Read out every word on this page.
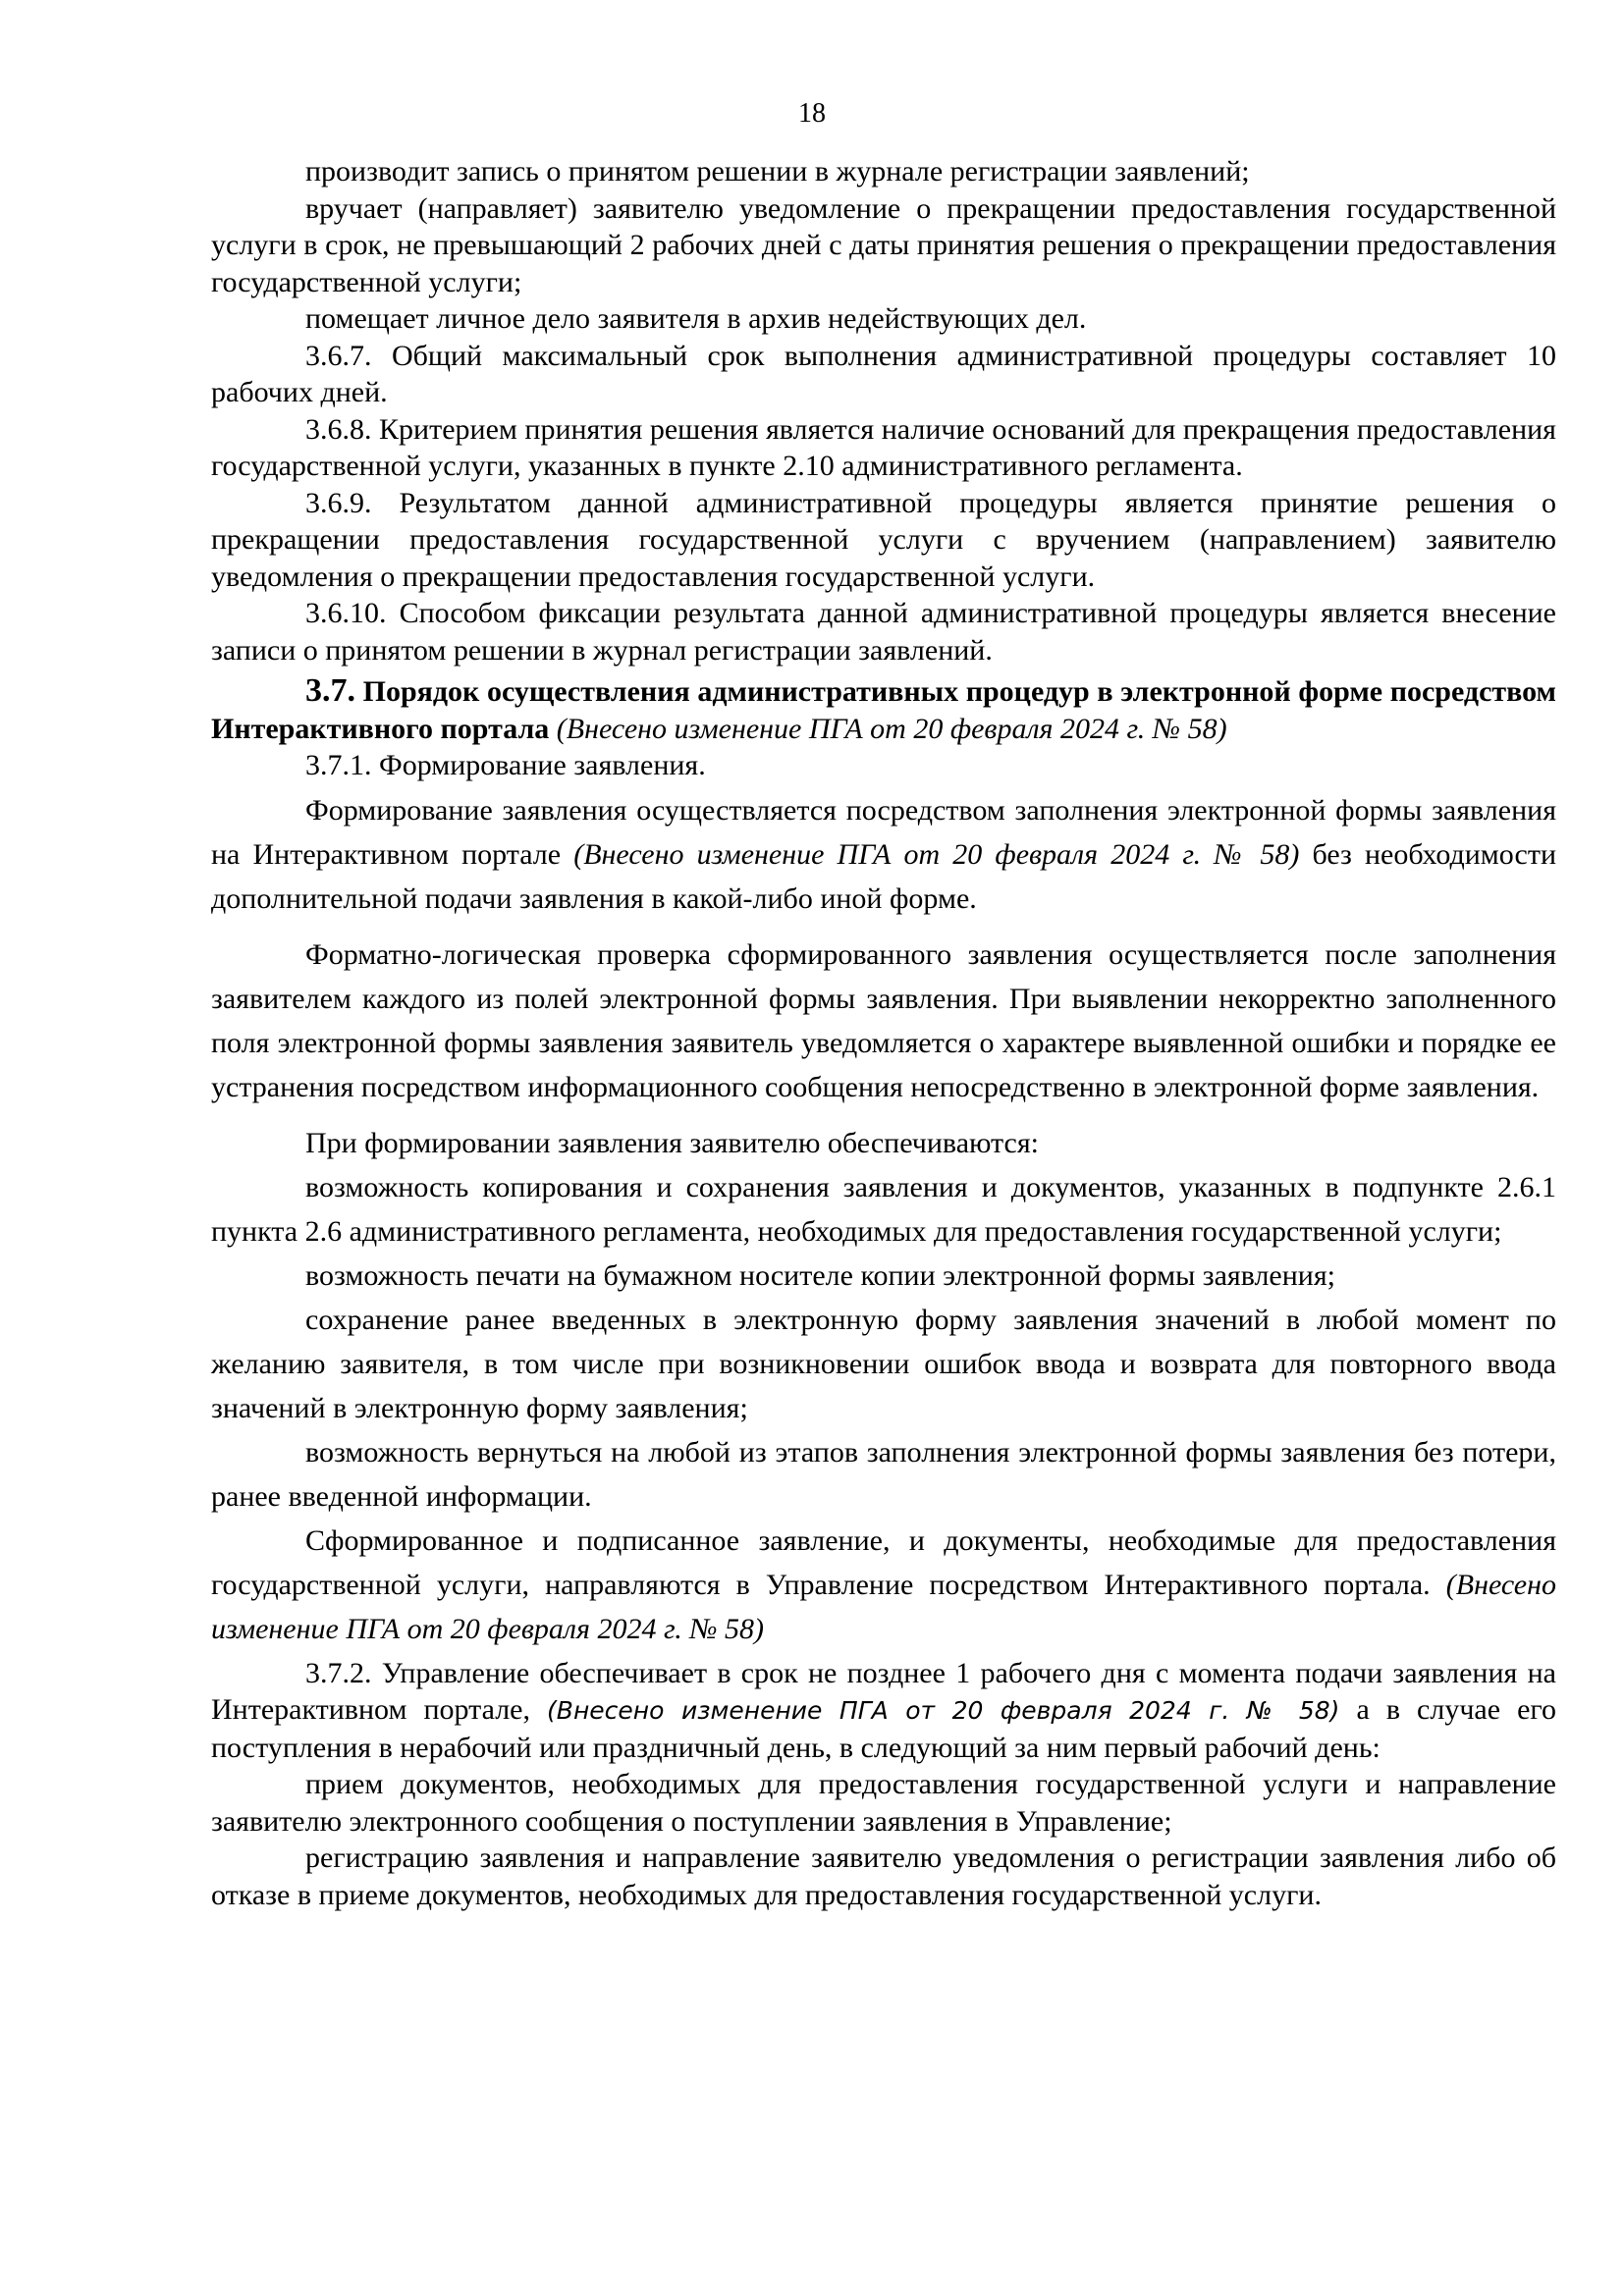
18

производит запись о принятом решении в журнале регистрации заявлений;

вручает (направляет) заявителю уведомление о прекращении предоставления государственной услуги в срок, не превышающий 2 рабочих дней с даты принятия решения о прекращении предоставления государственной услуги;

помещает личное дело заявителя в архив недействующих дел.

3.6.7. Общий максимальный срок выполнения административной процедуры составляет 10 рабочих дней.

3.6.8. Критерием принятия решения является наличие оснований для прекращения предоставления государственной услуги, указанных в пункте 2.10 административного регламента.

3.6.9. Результатом данной административной процедуры является принятие решения о прекращении предоставления государственной услуги с вручением (направлением) заявителю уведомления о прекращении предоставления государственной услуги.

3.6.10. Способом фиксации результата данной административной процедуры является внесение записи о принятом решении в журнал регистрации заявлений.

3.7. Порядок осуществления административных процедур в электронной форме посредством Интерактивного портала (Внесено изменение ПГА от 20 февраля 2024 г. № 58)

3.7.1. Формирование заявления.

Формирование заявления осуществляется посредством заполнения электронной формы заявления на Интерактивном портале (Внесено изменение ПГА от 20 февраля 2024 г. № 58) без необходимости дополнительной подачи заявления в какой-либо иной форме.

Форматно-логическая проверка сформированного заявления осуществляется после заполнения заявителем каждого из полей электронной формы заявления. При выявлении некорректно заполненного поля электронной формы заявления заявитель уведомляется о характере выявленной ошибки и порядке ее устранения посредством информационного сообщения непосредственно в электронной форме заявления.

При формировании заявления заявителю обеспечиваются:

возможность копирования и сохранения заявления и документов, указанных в подпункте 2.6.1 пункта 2.6 административного регламента, необходимых для предоставления государственной услуги;

возможность печати на бумажном носителе копии электронной формы заявления;

сохранение ранее введенных в электронную форму заявления значений в любой момент по желанию заявителя, в том числе при возникновении ошибок ввода и возврата для повторного ввода значений в электронную форму заявления;

возможность вернуться на любой из этапов заполнения электронной формы заявления без потери, ранее введенной информации.

Сформированное и подписанное заявление, и документы, необходимые для предоставления государственной услуги, направляются в Управление посредством Интерактивного портала. (Внесено изменение ПГА от 20 февраля 2024 г. № 58)

3.7.2. Управление обеспечивает в срок не позднее 1 рабочего дня с момента подачи заявления на Интерактивном портале, (Внесено изменение ПГА от 20 февраля 2024 г. № 58) а в случае его поступления в нерабочий или праздничный день, в следующий за ним первый рабочий день:

прием документов, необходимых для предоставления государственной услуги и направление заявителю электронного сообщения о поступлении заявления в Управление;

регистрацию заявления и направление заявителю уведомления о регистрации заявления либо об отказе в приеме документов, необходимых для предоставления государственной услуги.
